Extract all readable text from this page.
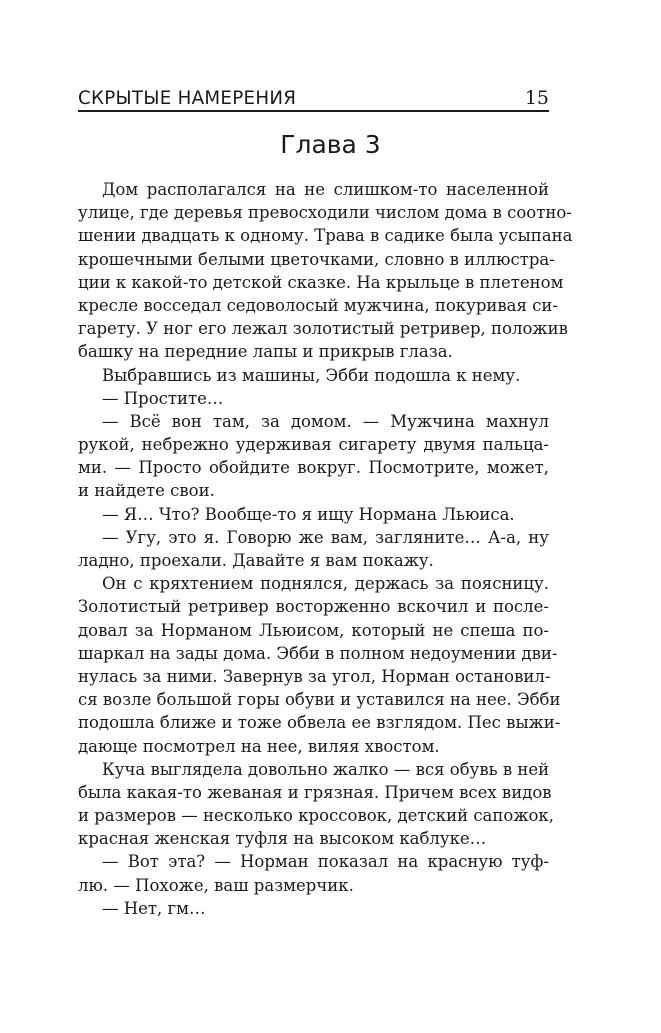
СКРЫТЫЕ НАМЕРЕНИЯ	15
Глава 3
Дом располагался на не слишком-то населенной
улице, где деревья превосходили числом дома в соотно-
шении двадцать к одному. Трава в садике была усыпана
крошечными белыми цветочками, словно в иллюстра-
ции к какой-то детской сказке. На крыльце в плетеном
кресле восседал седоволосый мужчина, покуривая си-
гарету. У ног его лежал золотистый ретривер, положив
башку на передние лапы и прикрыв глаза.
Выбравшись из машины, Эбби подошла к нему.
— Простите…
— Всё вон там, за домом. — Мужчина махнул
рукой, небрежно удерживая сигарету двумя пальца-
ми. — Просто обойдите вокруг. Посмотрите, может,
и найдете свои.
— Я… Что? Вообще-то я ищу Нормана Льюиса.
— Угу, это я. Говорю же вам, загляните… А-а, ну
ладно, проехали. Давайте я вам покажу.
Он с кряхтением поднялся, держась за поясницу.
Золотистый ретривер восторженно вскочил и после-
довал за Норманом Льюисом, который не спеша по-
шаркал на зады дома. Эбби в полном недоумении дви-
нулась за ними. Завернув за угол, Норман остановил-
ся возле большой горы обуви и уставился на нее. Эбби
подошла ближе и тоже обвела ее взглядом. Пес выжи-
дающе посмотрел на нее, виляя хвостом.
Куча выглядела довольно жалко — вся обувь в ней
была какая-то жеваная и грязная. Причем всех видов
и размеров — несколько кроссовок, детский сапожок,
красная женская туфля на высоком каблуке…
— Вот эта? — Норман показал на красную туф-
лю. — Похоже, ваш размерчик.
— Нет, гм…
